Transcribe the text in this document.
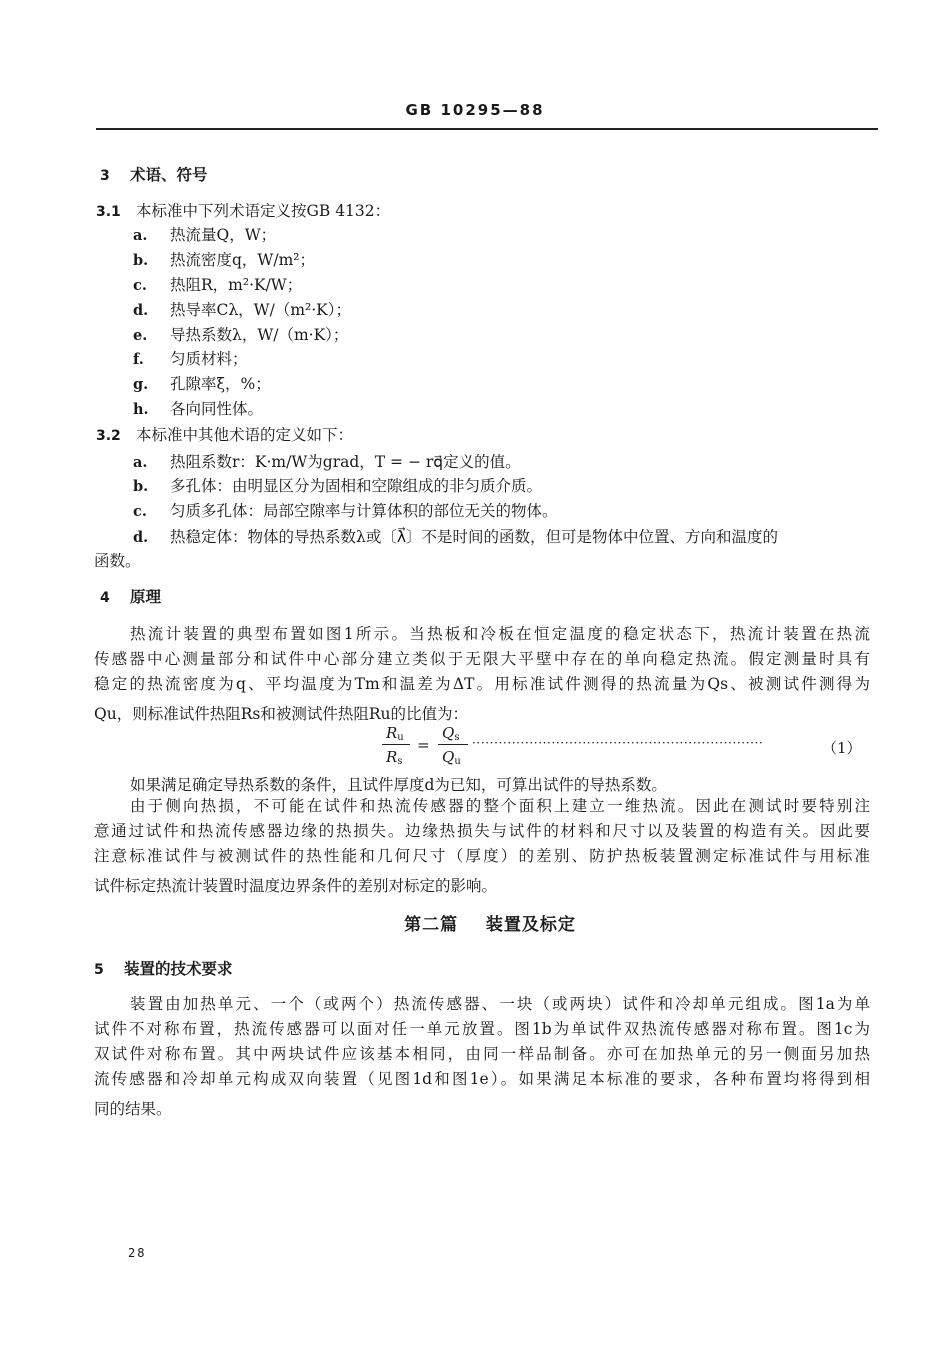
GB 10295—88
3 术语、符号
3.1 本标准中下列术语定义按GB 4132：
a. 热流量Q，W；
b. 热流密度q，W/m²；
c. 热阻R，m²·K/W；
d. 热导率Cλ，W/（m²·K）；
e. 导热系数λ，W/（m·K）；
f. 匀质材料；
g. 孔隙率ξ，%；
h. 各向同性体。
3.2 本标准中其他术语的定义如下：
a. 热阻系数r：K·m/W为grad，T = − rq⃗定义的值。
b. 多孔体：由明显区分为固相和空隙组成的非匀质介质。
c. 匀质多孔体：局部空隙率与计算体积的部位无关的物体。
d. 热稳定体：物体的导热系数λ或〔λ⃗〕不是时间的函数，但可是物体中位置、方向和温度的
函数。
4 原理
热流计装置的典型布置如图1所示。当热板和冷板在恒定温度的稳定状态下，热流计装置在热流
传感器中心测量部分和试件中心部分建立类似于无限大平壁中存在的单向稳定热流。假定测量时具有
稳定的热流密度为q、平均温度为Tm和温差为ΔT。用标准试件测得的热流量为Qs、被测试件测得为
Qu，则标准试件热阻Rs和被测试件热阻Ru的比值为：
$R_u$
$R_s$
=
$Q_s$
$Q_u$
··································································	（1）
如果满足确定导热系数的条件，且试件厚度d为已知，可算出试件的导热系数。
由于侧向热损，不可能在试件和热流传感器的整个面积上建立一维热流。因此在测试时要特别注
意通过试件和热流传感器边缘的热损失。边缘热损失与试件的材料和尺寸以及装置的构造有关。因此要
注意标准试件与被测试件的热性能和几何尺寸（厚度）的差别、防护热板装置测定标准试件与用标准
试件标定热流计装置时温度边界条件的差别对标定的影响。
第二篇    装置及标定
5 装置的技术要求
装置由加热单元、一个（或两个）热流传感器、一块（或两块）试件和冷却单元组成。图1a为单
试件不对称布置，热流传感器可以面对任一单元放置。图1b为单试件双热流传感器对称布置。图1c为
双试件对称布置。其中两块试件应该基本相同，由同一样品制备。亦可在加热单元的另一侧面另加热
流传感器和冷却单元构成双向装置（见图1d和图1e）。如果满足本标准的要求，各种布置均将得到相
同的结果。
28
